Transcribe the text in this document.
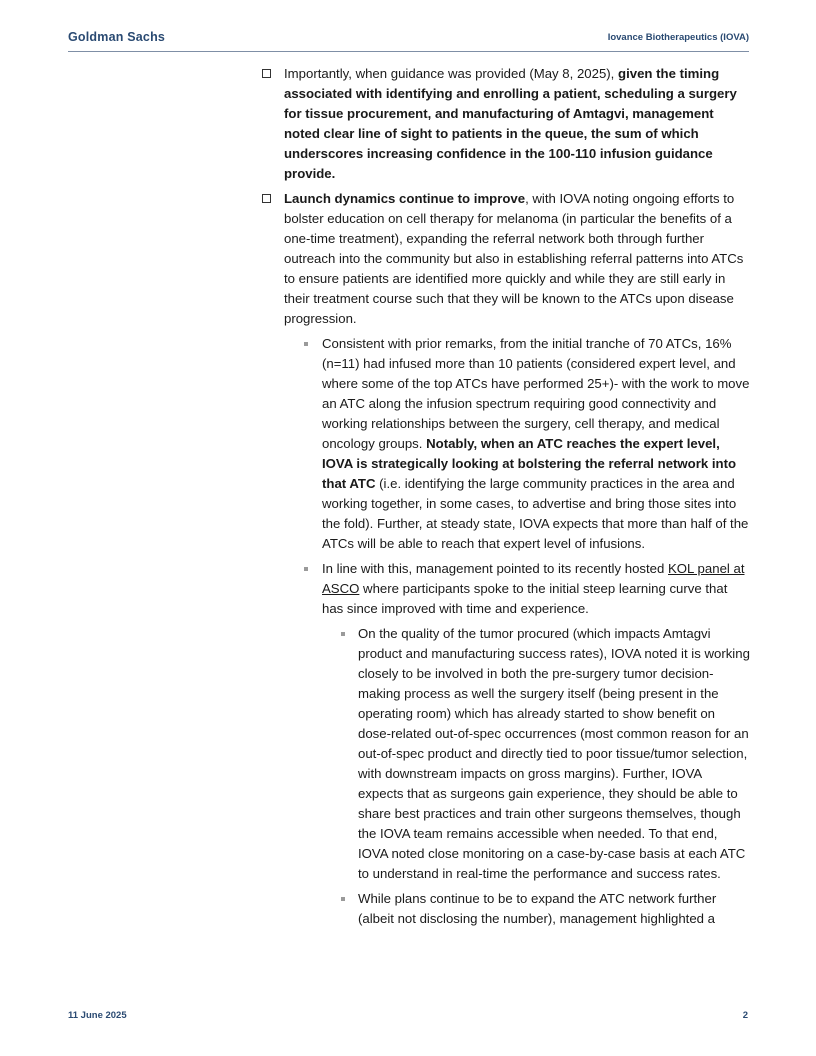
Goldman Sachs	Iovance Biotherapeutics (IOVA)
Importantly, when guidance was provided (May 8, 2025), given the timing associated with identifying and enrolling a patient, scheduling a surgery for tissue procurement, and manufacturing of Amtagvi, management noted clear line of sight to patients in the queue, the sum of which underscores increasing confidence in the 100-110 infusion guidance provide.
Launch dynamics continue to improve, with IOVA noting ongoing efforts to bolster education on cell therapy for melanoma (in particular the benefits of a one-time treatment), expanding the referral network both through further outreach into the community but also in establishing referral patterns into ATCs to ensure patients are identified more quickly and while they are still early in their treatment course such that they will be known to the ATCs upon disease progression.
Consistent with prior remarks, from the initial tranche of 70 ATCs, 16% (n=11) had infused more than 10 patients (considered expert level, and where some of the top ATCs have performed 25+)- with the work to move an ATC along the infusion spectrum requiring good connectivity and working relationships between the surgery, cell therapy, and medical oncology groups. Notably, when an ATC reaches the expert level, IOVA is strategically looking at bolstering the referral network into that ATC (i.e. identifying the large community practices in the area and working together, in some cases, to advertise and bring those sites into the fold). Further, at steady state, IOVA expects that more than half of the ATCs will be able to reach that expert level of infusions.
In line with this, management pointed to its recently hosted KOL panel at ASCO where participants spoke to the initial steep learning curve that has since improved with time and experience.
On the quality of the tumor procured (which impacts Amtagvi product and manufacturing success rates), IOVA noted it is working closely to be involved in both the pre-surgery tumor decision-making process as well the surgery itself (being present in the operating room) which has already started to show benefit on dose-related out-of-spec occurrences (most common reason for an out-of-spec product and directly tied to poor tissue/tumor selection, with downstream impacts on gross margins). Further, IOVA expects that as surgeons gain experience, they should be able to share best practices and train other surgeons themselves, though the IOVA team remains accessible when needed. To that end, IOVA noted close monitoring on a case-by-case basis at each ATC to understand in real-time the performance and success rates.
While plans continue to be to expand the ATC network further (albeit not disclosing the number), management highlighted a
11 June 2025	2
